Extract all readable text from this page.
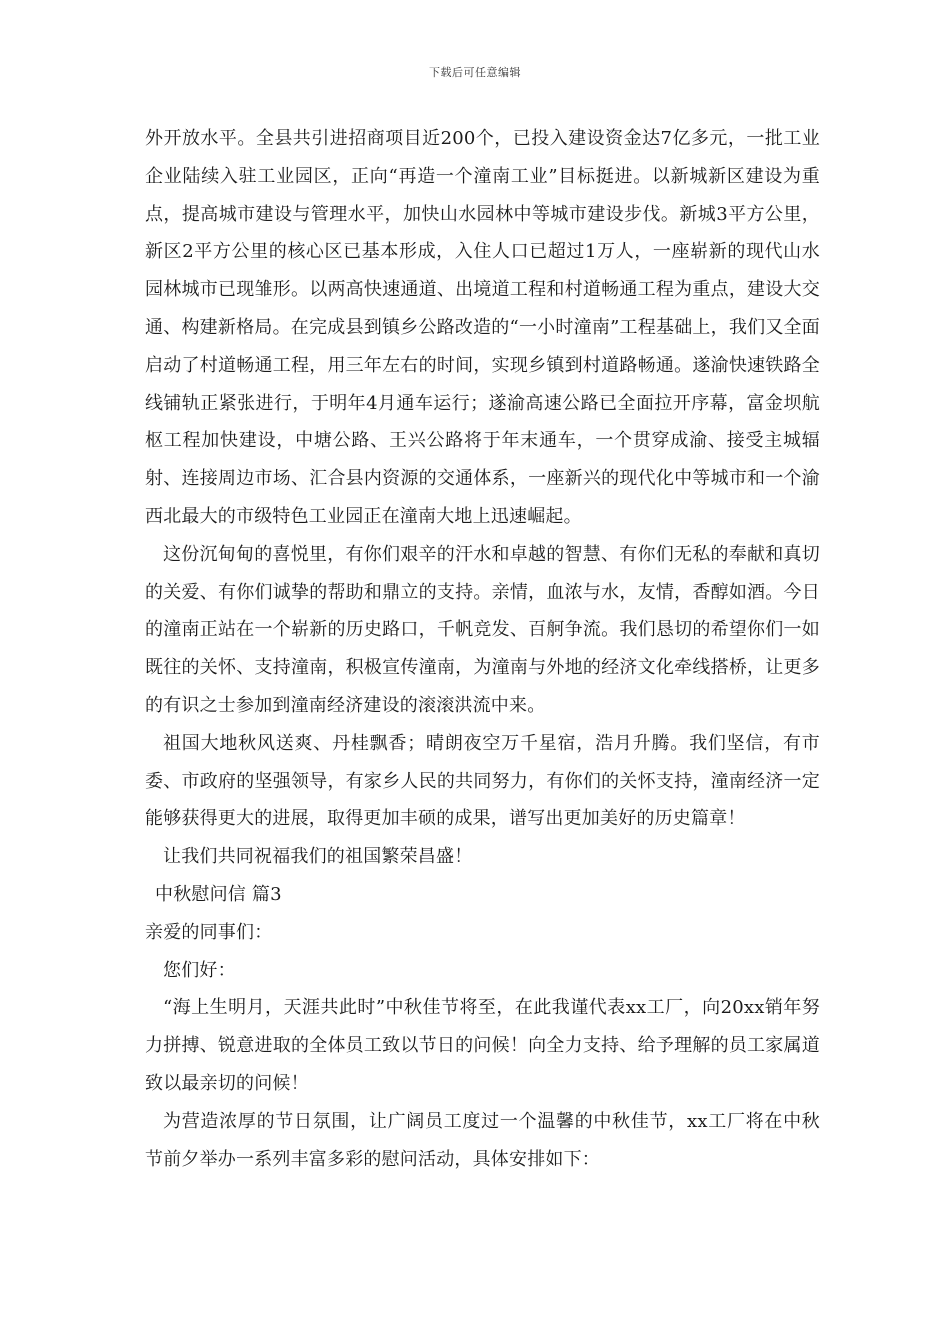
下载后可任意编辑

外开放水平。全县共引进招商项目近200个，已投入建设资金达7亿多元，一批工业企业陆续入驻工业园区，正向“再造一个潼南工业”目标挺进。以新城新区建设为重点，提高城市建设与管理水平，加快山水园林中等城市建设步伐。新城3平方公里，新区2平方公里的核心区已基本形成，入住人口已超过1万人，一座崭新的现代山水园林城市已现雏形。以两高快速通道、出境道工程和村道畅通工程为重点，建设大交通、构建新格局。在完成县到镇乡公路改造的“一小时潼南”工程基础上，我们又全面启动了村道畅通工程，用三年左右的时间，实现乡镇到村道路畅通。遂渝快速铁路全线铺轨正紧张进行，于明年4月通车运行；遂渝高速公路已全面拉开序幕，富金坝航枢工程加快建设，中塘公路、王兴公路将于年末通车，一个贯穿成渝、接受主城辐射、连接周边市场、汇合县内资源的交通体系，一座新兴的现代化中等城市和一个渝西北最大的市级特色工业园正在潼南大地上迅速崛起。

这份沉甸甸的喜悦里，有你们艰辛的汗水和卓越的智慧、有你们无私的奉献和真切的关爱、有你们诚挚的帮助和鼎立的支持。亲情，血浓与水，友情，香醇如酒。今日的潼南正站在一个崭新的历史路口，千帆竞发、百舸争流。我们恳切的希望你们一如既往的关怀、支持潼南，积极宣传潼南，为潼南与外地的经济文化牵线搭桥，让更多的有识之士参加到潼南经济建设的滚滚洪流中来。

祖国大地秋风送爽、丹桂飘香；晴朗夜空万千星宿，浩月升腾。我们坚信，有市委、市政府的坚强领导，有家乡人民的共同努力，有你们的关怀支持，潼南经济一定能够获得更大的进展，取得更加丰硕的成果，谱写出更加美好的历史篇章！

让我们共同祝福我们的祖国繁荣昌盛！

中秋慰问信 篇3

亲爱的同事们：

您们好：

“海上生明月，天涯共此时”中秋佳节将至，在此我谨代表xx工厂，向20xx销年努力拼搏、锐意进取的全体员工致以节日的问候！向全力支持、给予理解的员工家属道致以最亲切的问候！

为营造浓厚的节日氛围，让广阔员工度过一个温馨的中秋佳节，xx工厂将在中秋节前夕举办一系列丰富多彩的慰问活动，具体安排如下：
